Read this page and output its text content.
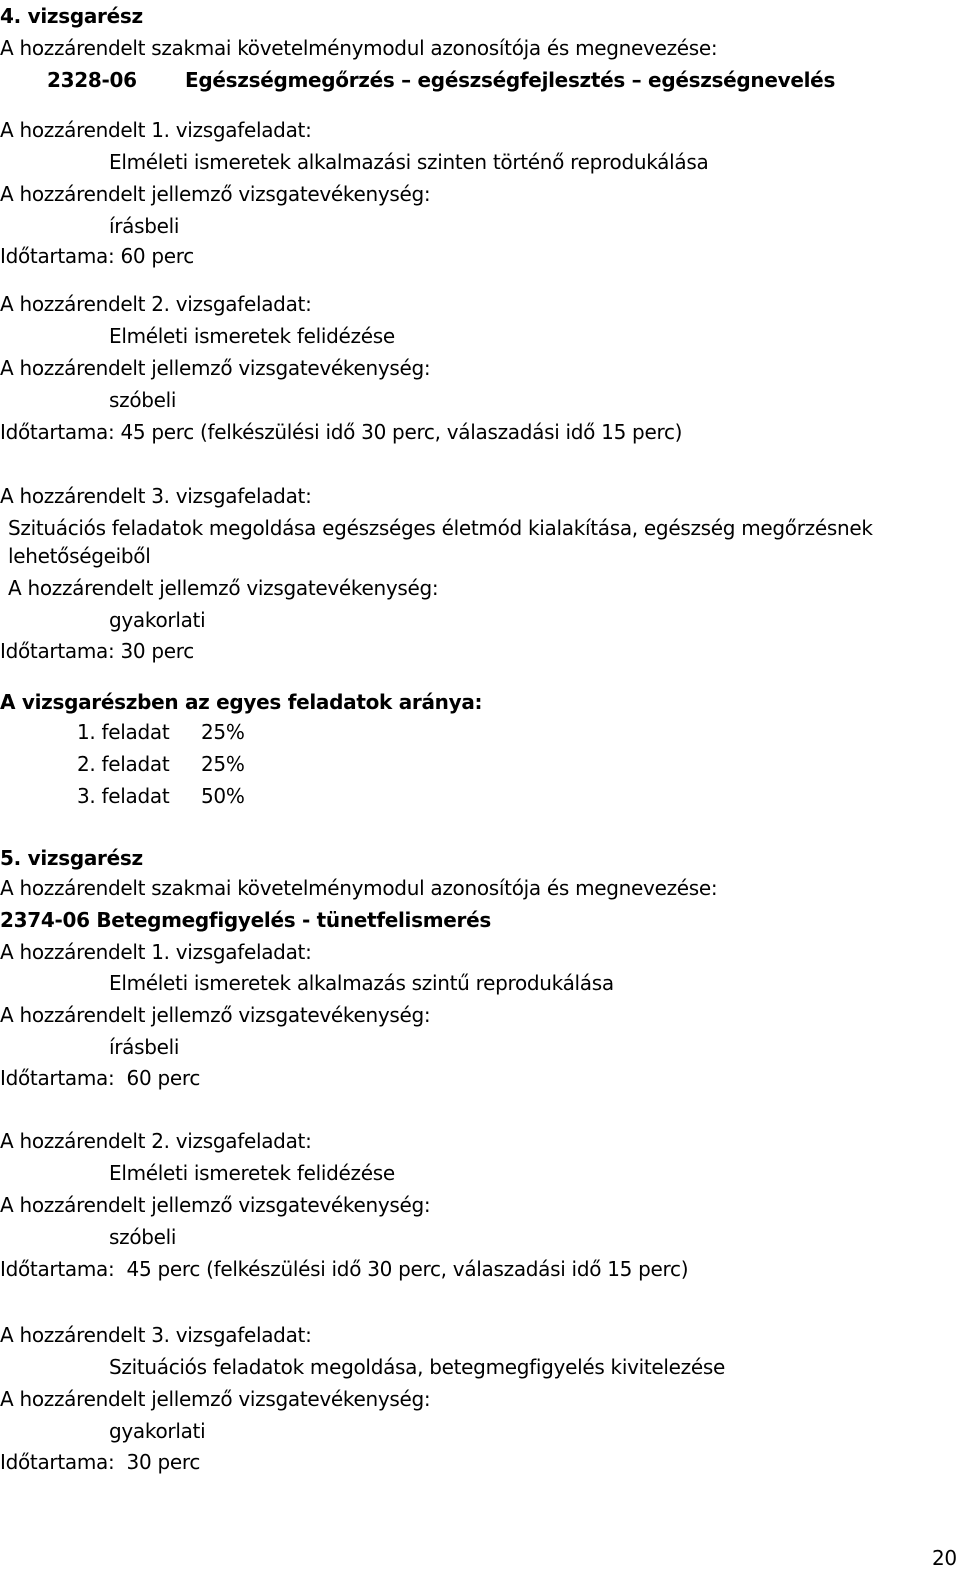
4. vizsgarész
A hozzárendelt szakmai követelménymodul azonosítója és megnevezése:
2328-06 Egészségmegőrzés – egészségfejlesztés – egészségnevelés
A hozzárendelt 1. vizsgafeladat:
Elméleti ismeretek alkalmazási szinten történő reprodukálása
A hozzárendelt jellemző vizsgatevékenység:
írásbeli
Időtartama: 60 perc
A hozzárendelt 2. vizsgafeladat:
Elméleti ismeretek felidézése
A hozzárendelt jellemző vizsgatevékenység:
szóbeli
Időtartama: 45 perc (felkészülési idő 30 perc, válaszadási idő 15 perc)
A hozzárendelt 3. vizsgafeladat:
Szituációs feladatok megoldása egészséges életmód kialakítása, egészség megőrzésnek
lehetőségeiből
A hozzárendelt jellemző vizsgatevékenység:
gyakorlati
Időtartama: 30 perc
A vizsgarészben az egyes feladatok aránya:
1. feladat 25%
2. feladat 25%
3. feladat 50%
5. vizsgarész
A hozzárendelt szakmai követelménymodul azonosítója és megnevezése:
2374-06 Betegmegfigyelés - tünetfelismerés
A hozzárendelt 1. vizsgafeladat:
Elméleti ismeretek alkalmazás szintű reprodukálása
A hozzárendelt jellemző vizsgatevékenység:
írásbeli
Időtartama:  60 perc
A hozzárendelt 2. vizsgafeladat:
Elméleti ismeretek felidézése
A hozzárendelt jellemző vizsgatevékenység:
szóbeli
Időtartama:  45 perc (felkészülési idő 30 perc, válaszadási idő 15 perc)
A hozzárendelt 3. vizsgafeladat:
Szituációs feladatok megoldása, betegmegfigyelés kivitelezése
A hozzárendelt jellemző vizsgatevékenység:
gyakorlati
Időtartama:  30 perc
20
